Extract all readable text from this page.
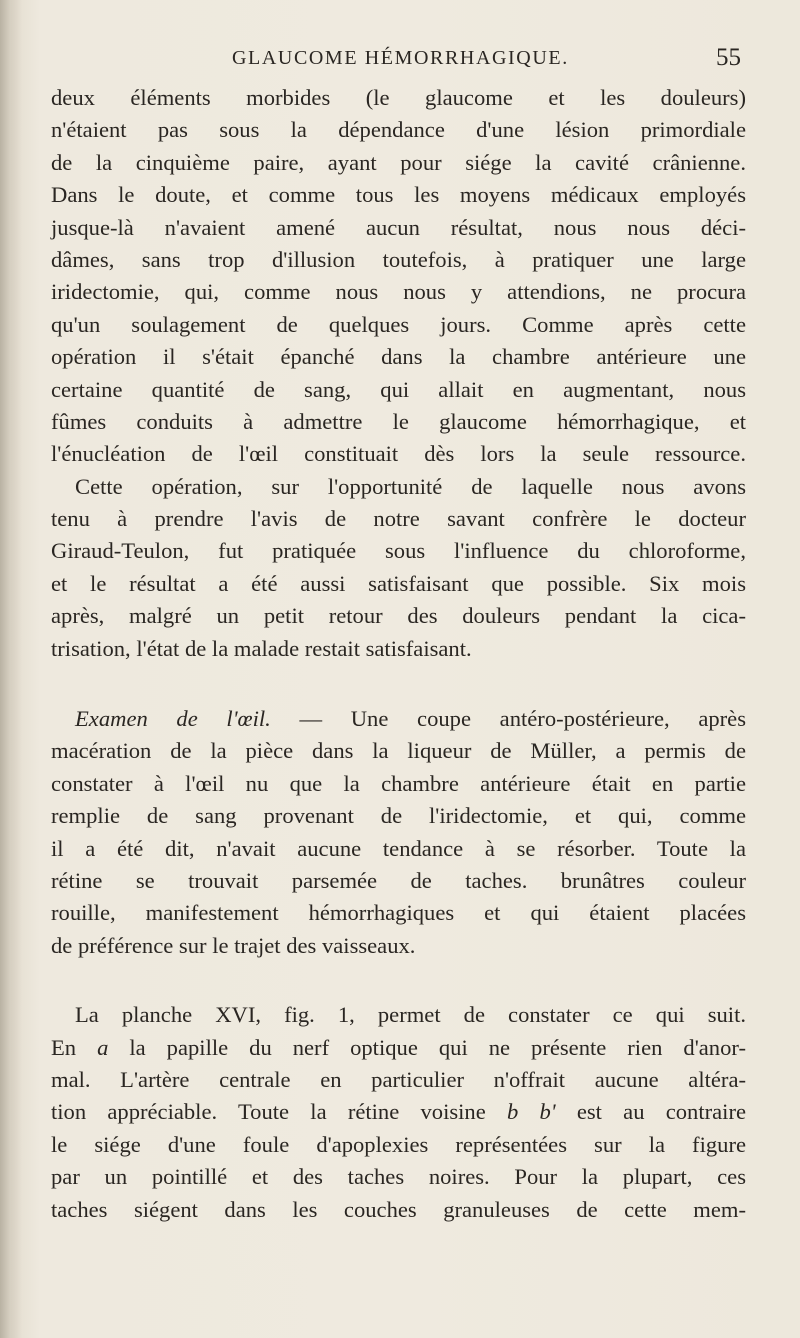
GLAUCOME HÉMORRHAGIQUE.	55
deux éléments morbides (le glaucome et les douleurs)
n'étaient pas sous la dépendance d'une lésion primordiale
de la cinquième paire, ayant pour siége la cavité crânienne.
Dans le doute, et comme tous les moyens médicaux employés
jusque-là n'avaient amené aucun résultat, nous nous déci-
dâmes, sans trop d'illusion toutefois, à pratiquer une large
iridectomie, qui, comme nous nous y attendions, ne procura
qu'un soulagement de quelques jours. Comme après cette
opération il s'était épanché dans la chambre antérieure une
certaine quantité de sang, qui allait en augmentant, nous
fûmes conduits à admettre le glaucome hémorrhagique, et
l'énucléation de l'œil constituait dès lors la seule ressource.
Cette opération, sur l'opportunité de laquelle nous avons
tenu à prendre l'avis de notre savant confrère le docteur
Giraud-Teulon, fut pratiquée sous l'influence du chloroforme,
et le résultat a été aussi satisfaisant que possible. Six mois
après, malgré un petit retour des douleurs pendant la cica-
trisation, l'état de la malade restait satisfaisant.
Examen de l'œil. — Une coupe antéro-postérieure, après
macération de la pièce dans la liqueur de Müller, a permis de
constater à l'œil nu que la chambre antérieure était en partie
remplie de sang provenant de l'iridectomie, et qui, comme
il a été dit, n'avait aucune tendance à se résorber. Toute la
rétine se trouvait parsemée de taches. brunâtres couleur
rouille, manifestement hémorrhagiques et qui étaient placées
de préférence sur le trajet des vaisseaux.
La planche XVI, fig. 1, permet de constater ce qui suit.
En a la papille du nerf optique qui ne présente rien d'anor-
mal. L'artère centrale en particulier n'offrait aucune altéra-
tion appréciable. Toute la rétine voisine b b' est au contraire
le siége d'une foule d'apoplexies représentées sur la figure
par un pointillé et des taches noires. Pour la plupart, ces
taches siégent dans les couches granuleuses de cette mem-
